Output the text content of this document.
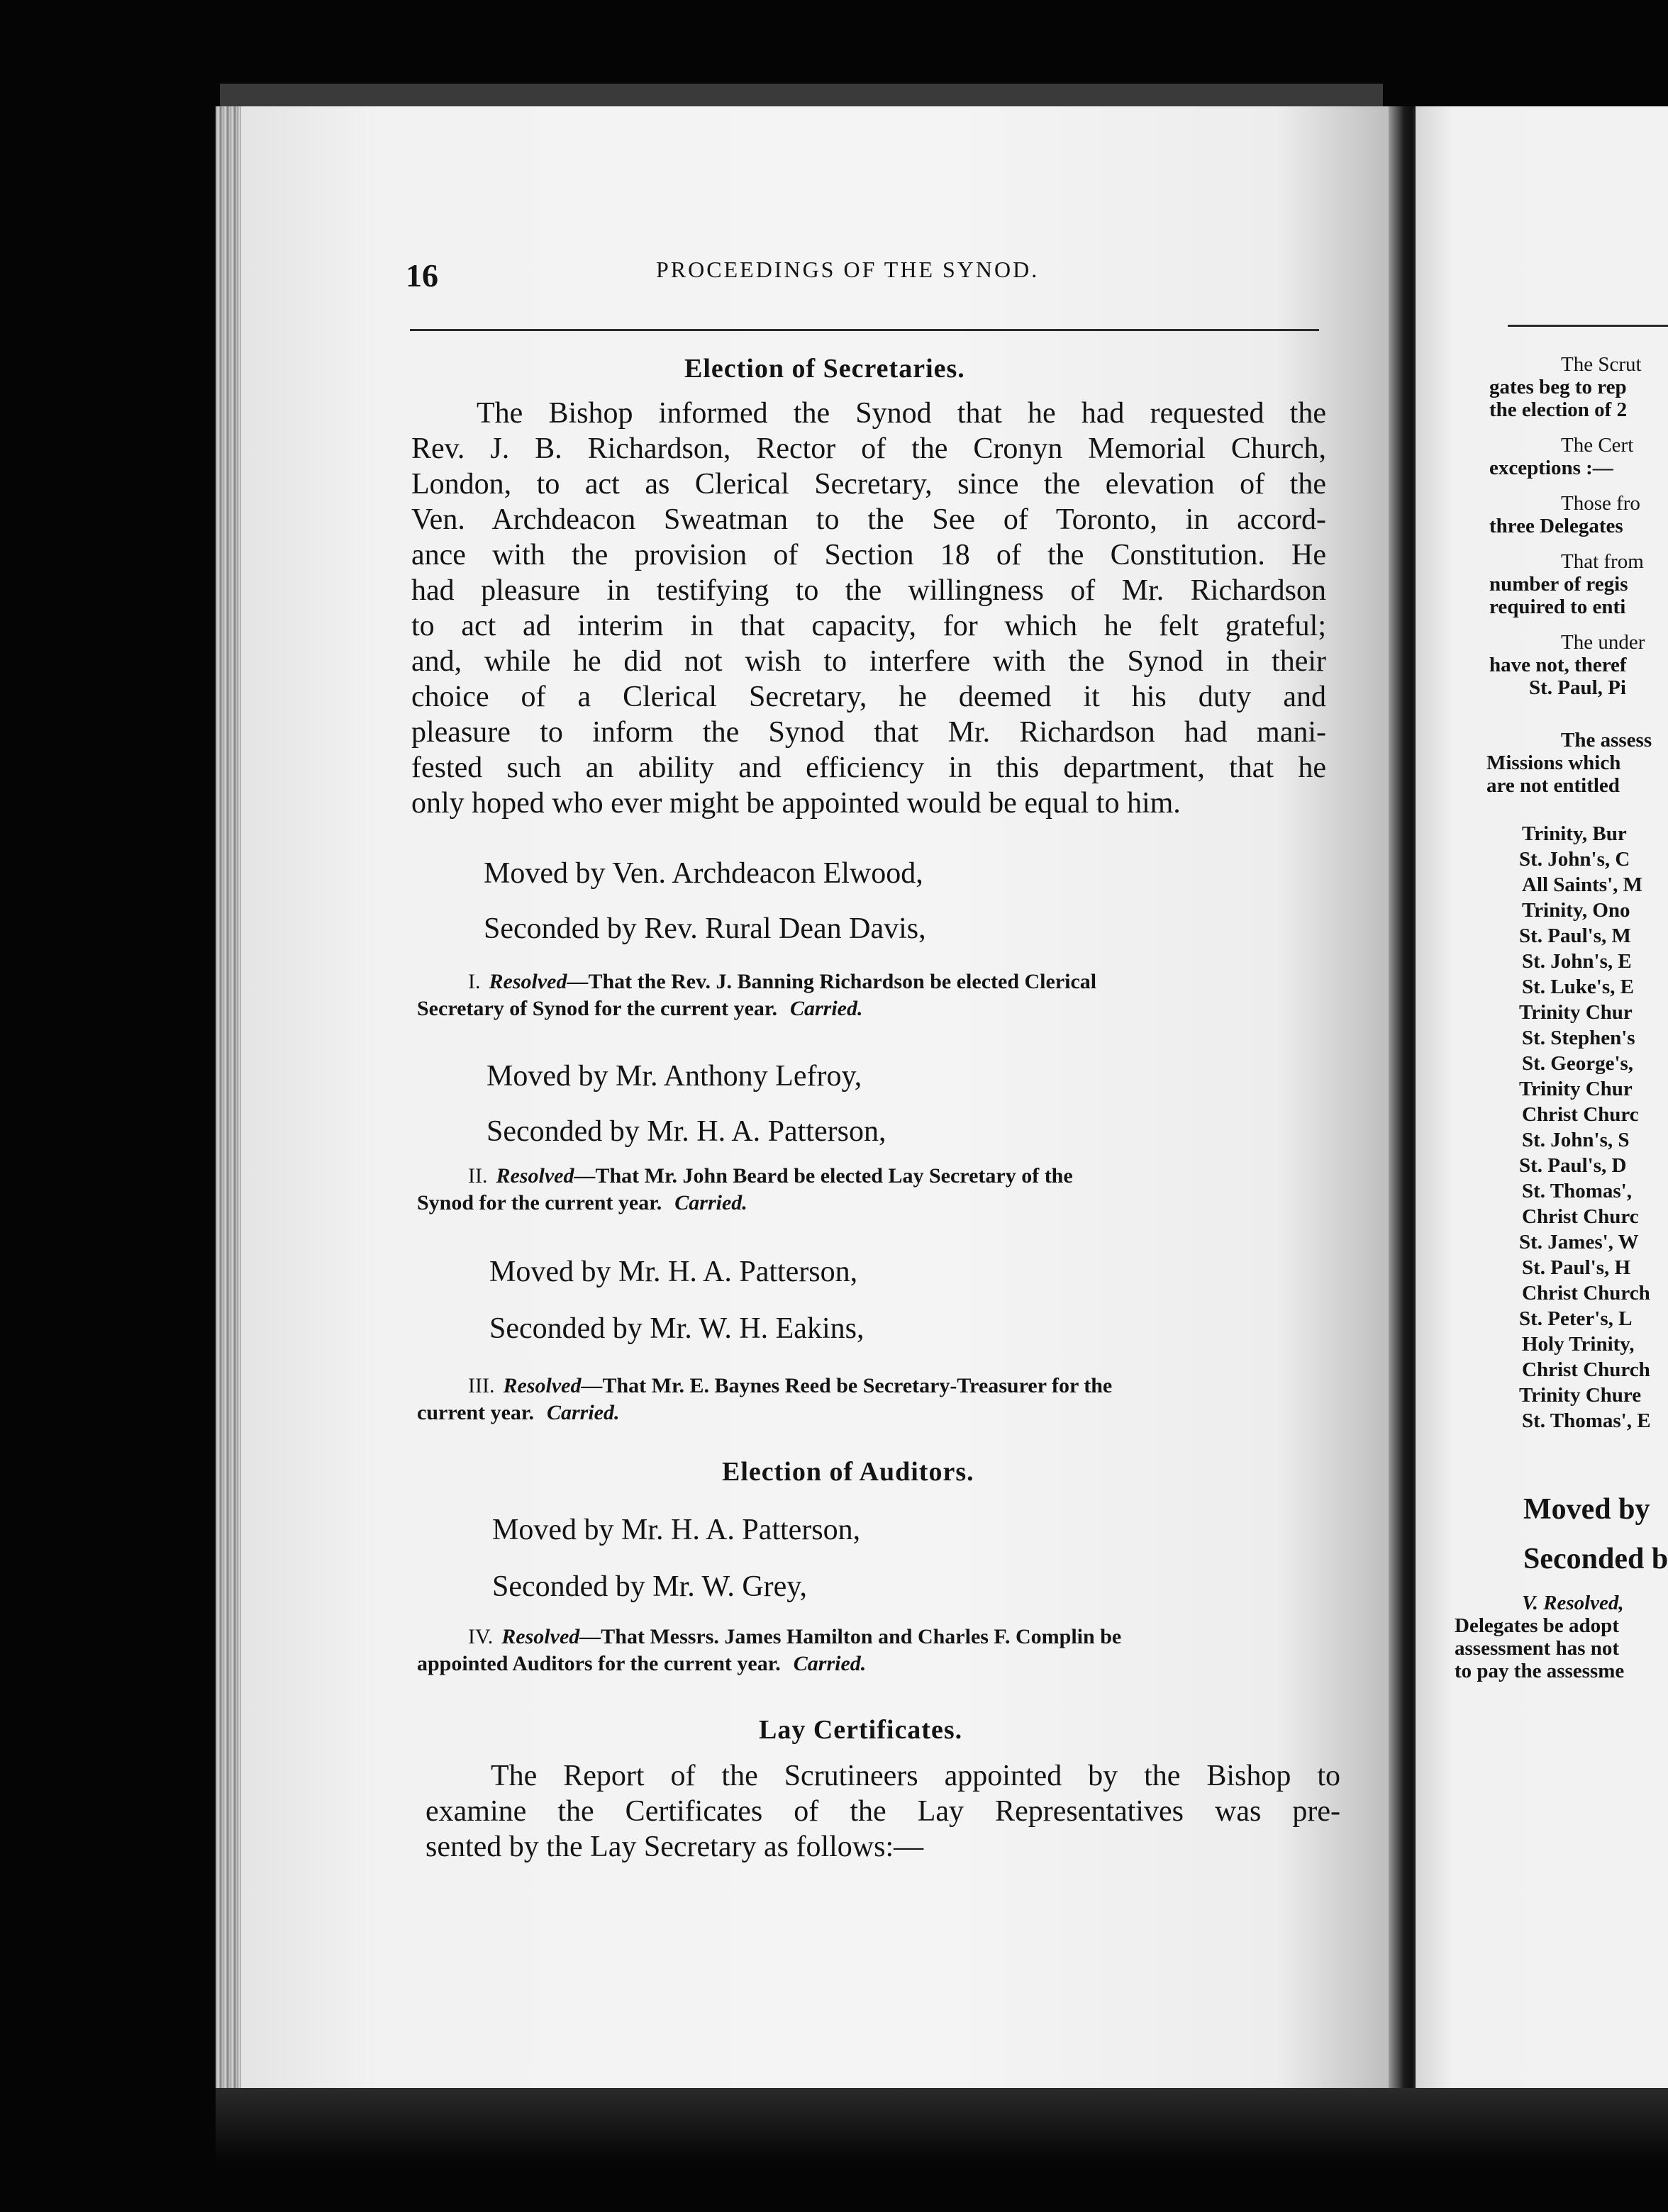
The Scrut
gates beg to rep
the election of 2
The Cert
exceptions :—
Those fro
three Delegates
That from
number of regis
required to enti
The under
have not, theref
St. Paul, Pi
The assess
Missions which
are not entitled
Trinity, Bur
St. John's, C
All Saints', M
Trinity, Ono
St. Paul's, M
St. John's, E
St. Luke's, E
Trinity Chur
St. Stephen's
St. George's,
Trinity Chur
Christ Churc
St. John's, S
St. Paul's, D
St. Thomas',
Christ Churc
St. James', W
St. Paul's, H
Christ Church
St. Peter's, L
Holy Trinity,
Christ Church
Trinity Chure
St. Thomas', E
Moved by
Seconded b
V. Resolved,
Delegates be adopt
assessment has not
to pay the assessme
16	PROCEEDINGS OF THE SYNOD.
Election of Secretaries.
The Bishop informed the Synod that he had requested the
Rev. J. B. Richardson, Rector of the Cronyn Memorial Church,
London, to act as Clerical Secretary, since the elevation of the
Ven. Archdeacon Sweatman to the See of Toronto, in accord-
ance with the provision of Section 18 of the Constitution. He
had pleasure in testifying to the willingness of Mr. Richardson
to act ad interim in that capacity, for which he felt grateful;
and, while he did not wish to interfere with the Synod in their
choice of a Clerical Secretary, he deemed it his duty and
pleasure to inform the Synod that Mr. Richardson had mani-
fested such an ability and efficiency in this department, that he
only hoped who ever might be appointed would be equal to him.
Moved by Ven. Archdeacon Elwood,
Seconded by Rev. Rural Dean Davis,
I. Resolved—That the Rev. J. Banning Richardson be elected Clerical
Secretary of Synod for the current year. Carried.
Moved by Mr. Anthony Lefroy,
Seconded by Mr. H. A. Patterson,
II. Resolved—That Mr. John Beard be elected Lay Secretary of the
Synod for the current year. Carried.
Moved by Mr. H. A. Patterson,
Seconded by Mr. W. H. Eakins,
III. Resolved—That Mr. E. Baynes Reed be Secretary-Treasurer for the
current year. Carried.
Election of Auditors.
Moved by Mr. H. A. Patterson,
Seconded by Mr. W. Grey,
IV. Resolved—That Messrs. James Hamilton and Charles F. Complin be
appointed Auditors for the current year. Carried.
Lay Certificates.
The Report of the Scrutineers appointed by the Bishop to
examine the Certificates of the Lay Representatives was pre-
sented by the Lay Secretary as follows:—
